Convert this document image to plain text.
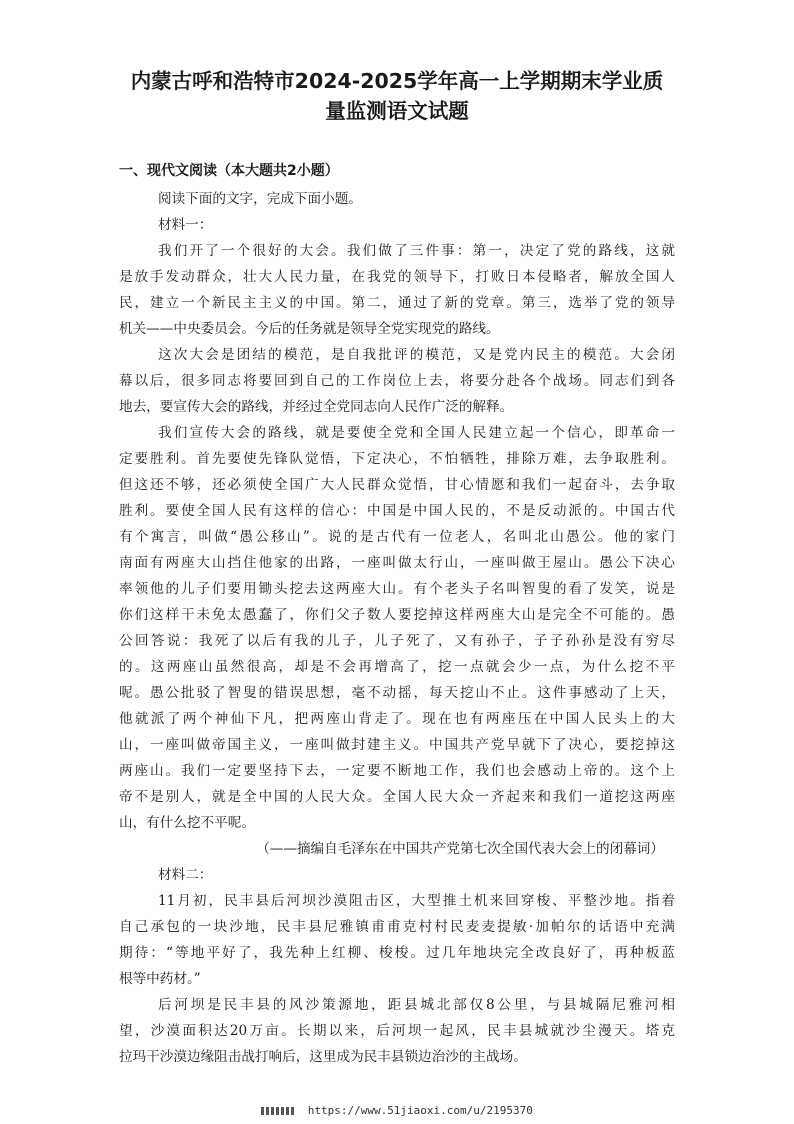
内蒙古呼和浩特市2024-2025学年高一上学期期末学业质
量监测语文试题
一、现代文阅读（本大题共2小题）
阅读下面的文字，完成下面小题。
材料一：
我们开了一个很好的大会。我们做了三件事：第一，决定了党的路线，这就
是放手发动群众，壮大人民力量，在我党的领导下，打败日本侵略者，解放全国人
民，建立一个新民主主义的中国。第二，通过了新的党章。第三，选举了党的领导
机关——中央委员会。今后的任务就是领导全党实现党的路线。
这次大会是团结的模范，是自我批评的模范，又是党内民主的模范。大会闭
幕以后，很多同志将要回到自己的工作岗位上去，将要分赴各个战场。同志们到各
地去，要宣传大会的路线，并经过全党同志向人民作广泛的解释。
我们宣传大会的路线，就是要使全党和全国人民建立起一个信心，即革命一
定要胜利。首先要使先锋队觉悟，下定决心，不怕牺牲，排除万难，去争取胜利。
但这还不够，还必须使全国广大人民群众觉悟，甘心情愿和我们一起奋斗，去争取
胜利。要使全国人民有这样的信心：中国是中国人民的，不是反动派的。中国古代
有个寓言，叫做“愚公移山”。说的是古代有一位老人，名叫北山愚公。他的家门
南面有两座大山挡住他家的出路，一座叫做太行山，一座叫做王屋山。愚公下决心
率领他的儿子们要用锄头挖去这两座大山。有个老头子名叫智叟的看了发笑，说是
你们这样干未免太愚蠢了，你们父子数人要挖掉这样两座大山是完全不可能的。愚
公回答说：我死了以后有我的儿子，儿子死了，又有孙子，子子孙孙是没有穷尽
的。这两座山虽然很高，却是不会再增高了，挖一点就会少一点，为什么挖不平
呢。愚公批驳了智叟的错误思想，毫不动摇，每天挖山不止。这件事感动了上天，
他就派了两个神仙下凡，把两座山背走了。现在也有两座压在中国人民头上的大
山，一座叫做帝国主义，一座叫做封建主义。中国共产党早就下了决心，要挖掉这
两座山。我们一定要坚持下去，一定要不断地工作，我们也会感动上帝的。这个上
帝不是别人，就是全中国的人民大众。全国人民大众一齐起来和我们一道挖这两座
山，有什么挖不平呢。
（——摘编自毛泽东在中国共产党第七次全国代表大会上的闭幕词）
材料二：
11月初，民丰县后河坝沙漠阻击区，大型推土机来回穿梭、平整沙地。指着
自己承包的一块沙地，民丰县尼雅镇甫甫克村村民麦麦提敏·加帕尔的话语中充满
期待：“等地平好了，我先种上红柳、梭梭。过几年地块完全改良好了，再种板蓝
根等中药材。”
后河坝是民丰县的风沙策源地，距县城北部仅8公里，与县城隔尼雅河相
望，沙漠面积达20万亩。长期以来，后河坝一起风，民丰县城就沙尘漫天。塔克
拉玛干沙漠边缘阻击战打响后，这里成为民丰县锁边治沙的主战场。
https://www.51jiaoxi.com/u/2195370
